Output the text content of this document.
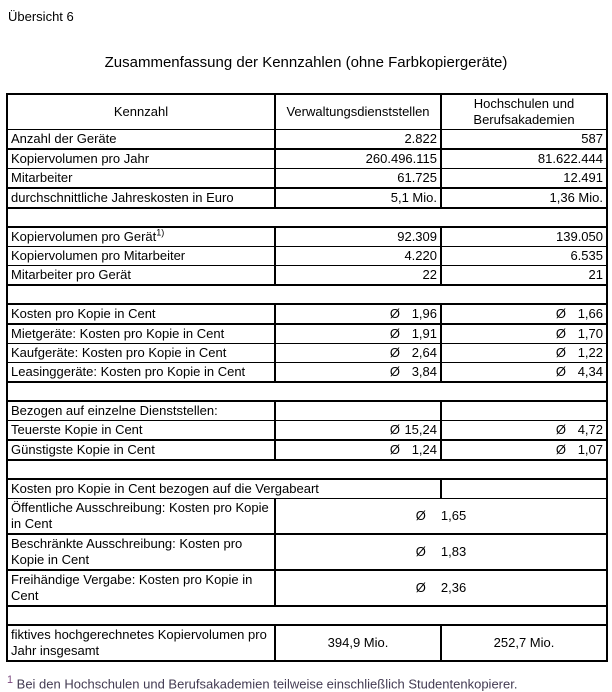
Übersicht 6
Zusammenfassung der Kennzahlen (ohne Farbkopiergeräte)
Kennzahl	Verwaltungsdienststellen	Hochschulen und Berufsakademien
Anzahl der Geräte	2.822	587
Kopiervolumen pro Jahr	260.496.115	81.622.444
Mitarbeiter	61.725	12.491
durchschnittliche Jahreskosten in Euro	5,1 Mio.	1,36 Mio.

Kopiervolumen pro Gerät$^{1)}$	92.309	139.050
Kopiervolumen pro Mitarbeiter	4.220	6.535
Mitarbeiter pro Gerät	22	21

Kosten pro Kopie in Cent	Ø 1,96	Ø 1,66

Mietgeräte: Kosten pro Kopie in Cent	Ø 1,91	Ø 1,70

Kaufgeräte: Kosten pro Kopie in Cent	Ø 2,64	Ø 1,22

Leasinggeräte: Kosten pro Kopie in Cent	Ø 3,84	Ø 4,34

Bezogen auf einzelne Dienststellen:		
Teuerste Kopie in Cent	Ø 15,24	Ø 4,72

Günstigste Kopie in Cent	Ø 1,24	Ø 1,07

Kosten pro Kopie in Cent bezogen auf die Vergabeart		
Öffentliche Ausschreibung: Kosten pro Kopie in Cent	Ø 1,65	

Beschränkte Ausschreibung: Kosten pro Kopie in Cent	Ø 1,83	

Freihändige Vergabe: Kosten pro Kopie in Cent	Ø 2,36	

fiktives hochgerechnetes Kopiervolumen pro Jahr insgesamt	394,9 Mio.	252,7 Mio.
$^1$ Bei den Hochschulen und Berufsakademien teilweise einschließlich Studentenkopierer.
